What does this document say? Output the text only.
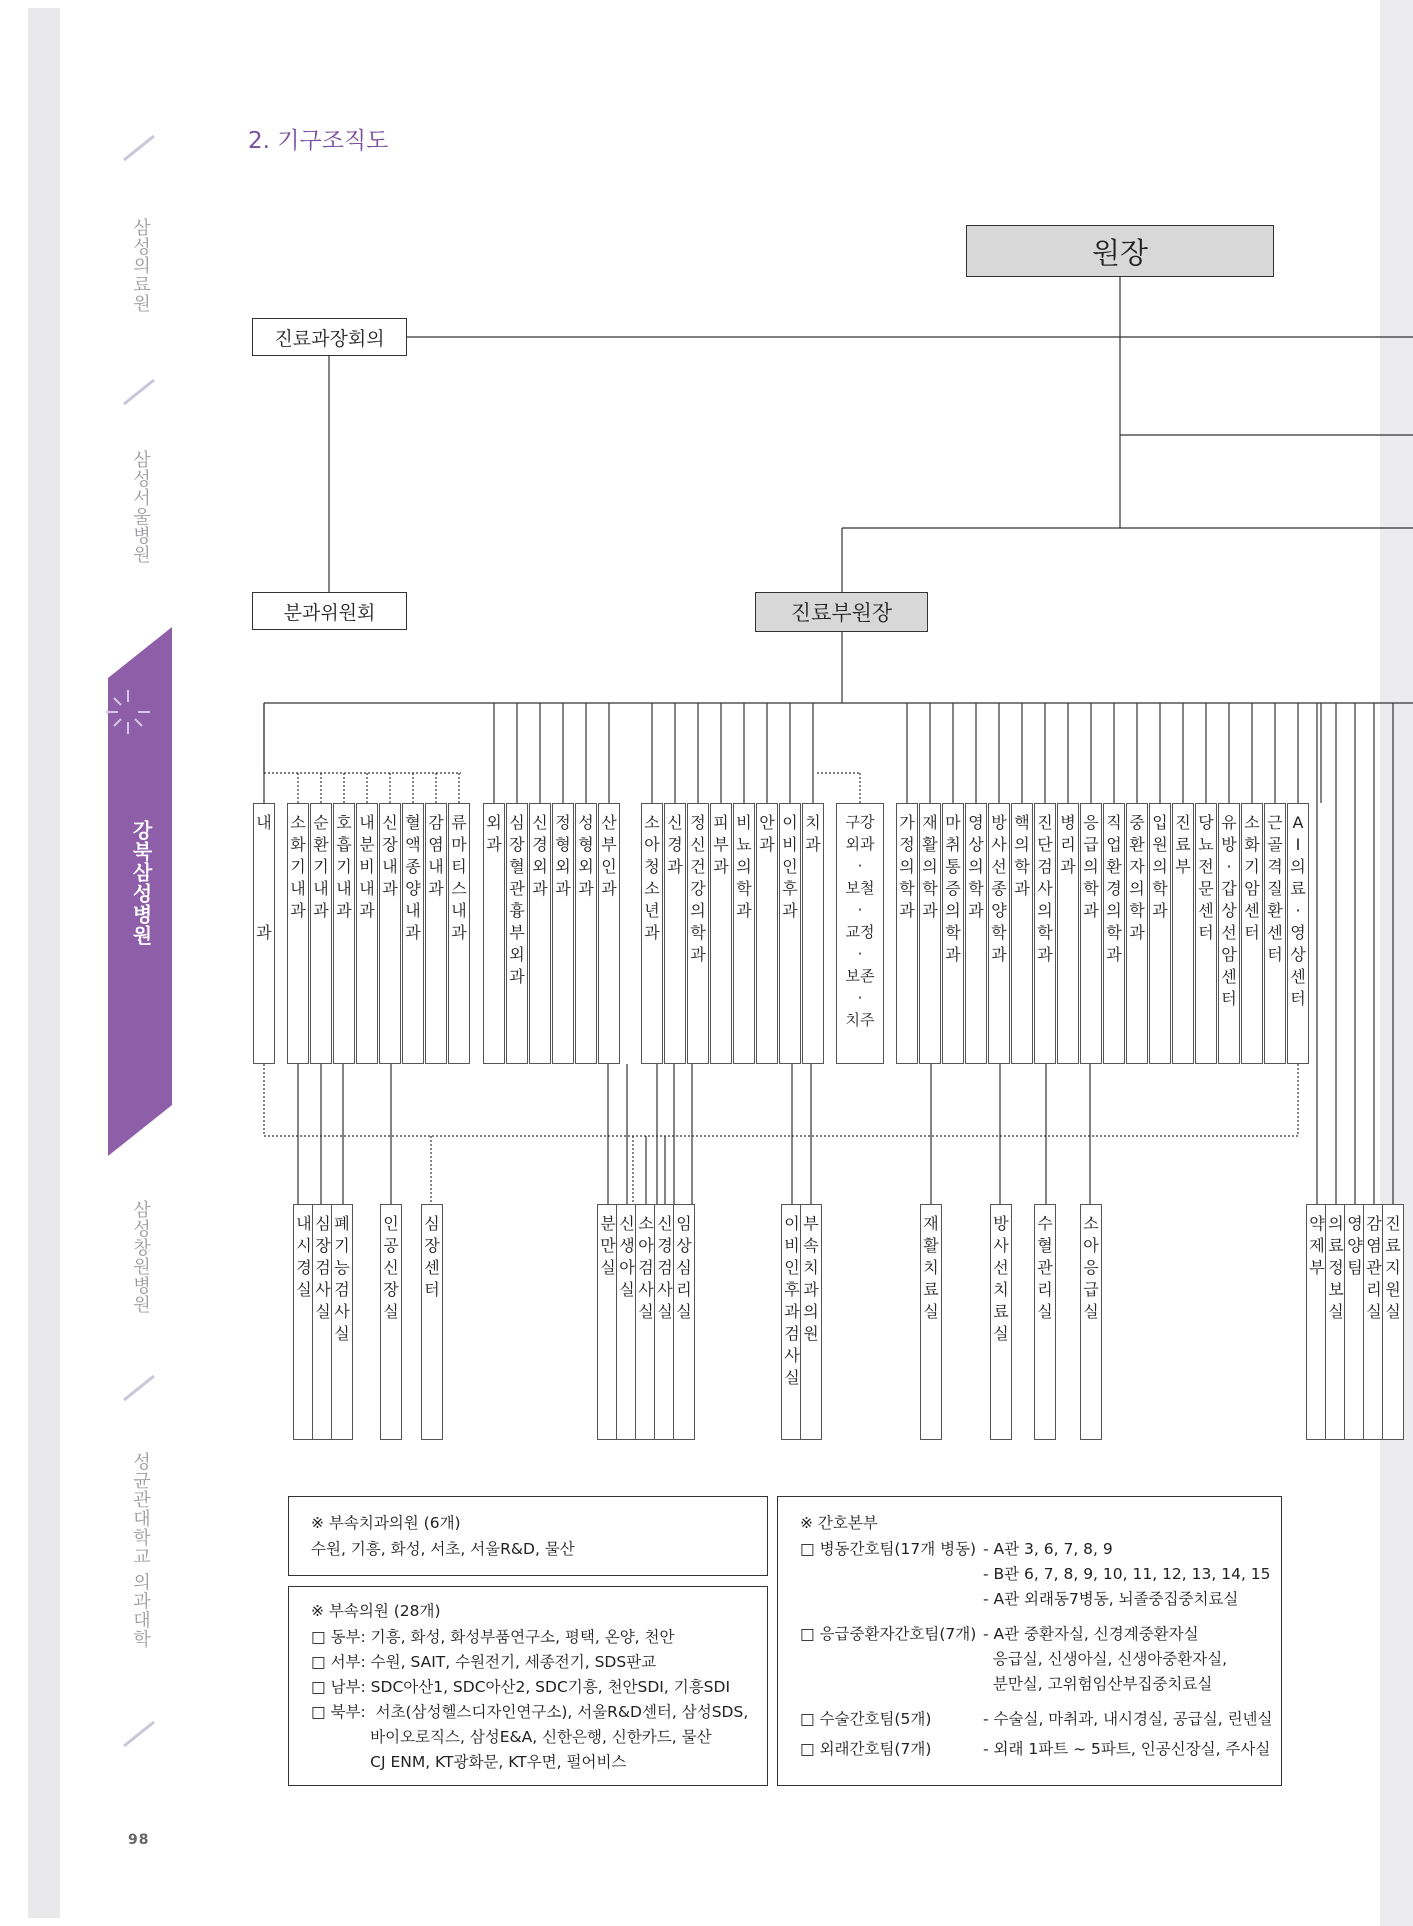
삼성의료원
삼성서울병원
강북삼성병원
삼성창원병원
성균관대학교 의과대학
98
2. 기구조직도
원장
진료과장회의
분과위원회	진료부원장
내

과
소
화
기
내
과
순
환
기
내
과
호
흡
기
내
과
내
분
비
내
과
신
장
내
과
혈
액
종
양
내
과
감
염
내
과
류
마
티
스
내
과
외
과
심
장
혈
관
흉
부
외
과
신
경
외
과
정
형
외
과
성
형
외
과
산
부
인
과
소
아
청
소
년
과
신
경
과
정
신
건
강
의
학
과
피
부
과
비
뇨
의
학
과
안
과
이
비
인
후
과
치
과
구강
외과
·
보철
·
교정
·
보존
·
치주
가
정
의
학
과
재
활
의
학
과
마
취
통
증
의
학
과
영
상
의
학
과
방
사
선
종
양
학
과
핵
의
학
과
진
단
검
사
의
학
과
병
리
과
응
급
의
학
과
직
업
환
경
의
학
과
중
환
자
의
학
과
입
원
의
학
과
진
료
부
당
뇨
전
문
센
터
유
방
·
갑
상
선
암
센
터
소
화
기
암
센
터
근
골
격
질
환
센
터
A
I
의
료
·
영
상
센
터
내
시
경
실
심
장
검
사
실
폐
기
능
검
사
실
인
공
신
장
실
심
장
센
터
분
만
실
신
생
아
실
소
아
검
사
실
신
경
검
사
실
임
상
심
리
실
이
비
인
후
과
검
사
실
부
속
치
과
의
원
재
활
치
료
실
방
사
선
치
료
실
수
혈
관
리
실
소
아
응
급
실
약
제
부
의
료
정
보
실
영
양
팀
감
염
관
리
실
진
료
지
원
실
※ 부속치과의원 (6개)
수원, 기흥, 화성, 서초, 서울R&D, 물산
※ 부속의원 (28개)
□ 동부: 기흥, 화성, 화성부품연구소, 평택, 온양, 천안
□ 서부: 수원, SAIT, 수원전기, 세종전기, SDS판교
□ 남부: SDC아산1, SDC아산2, SDC기흥, 천안SDI, 기흥SDI
□ 북부:  서초(삼성헬스디자인연구소), 서울R&D센터, 삼성SDS,
바이오로직스, 삼성E&A, 신한은행, 신한카드, 물산
CJ ENM, KT광화문, KT우면, 펄어비스
※ 간호본부
□ 병동간호팀(17개 병동) - A관 3, 6, 7, 8, 9
- B관 6, 7, 8, 9, 10, 11, 12, 13, 14, 15
- A관 외래동7병동, 뇌졸중집중치료실
□ 응급중환자간호팀(7개) - A관 중환자실, 신경계중환자실
응급실, 신생아실, 신생아중환자실,
분만실, 고위험임산부집중치료실
□ 수술간호팀(5개)	- 수술실, 마취과, 내시경실, 공급실, 린넨실
□ 외래간호팀(7개)	- 외래 1파트 ~ 5파트, 인공신장실, 주사실
